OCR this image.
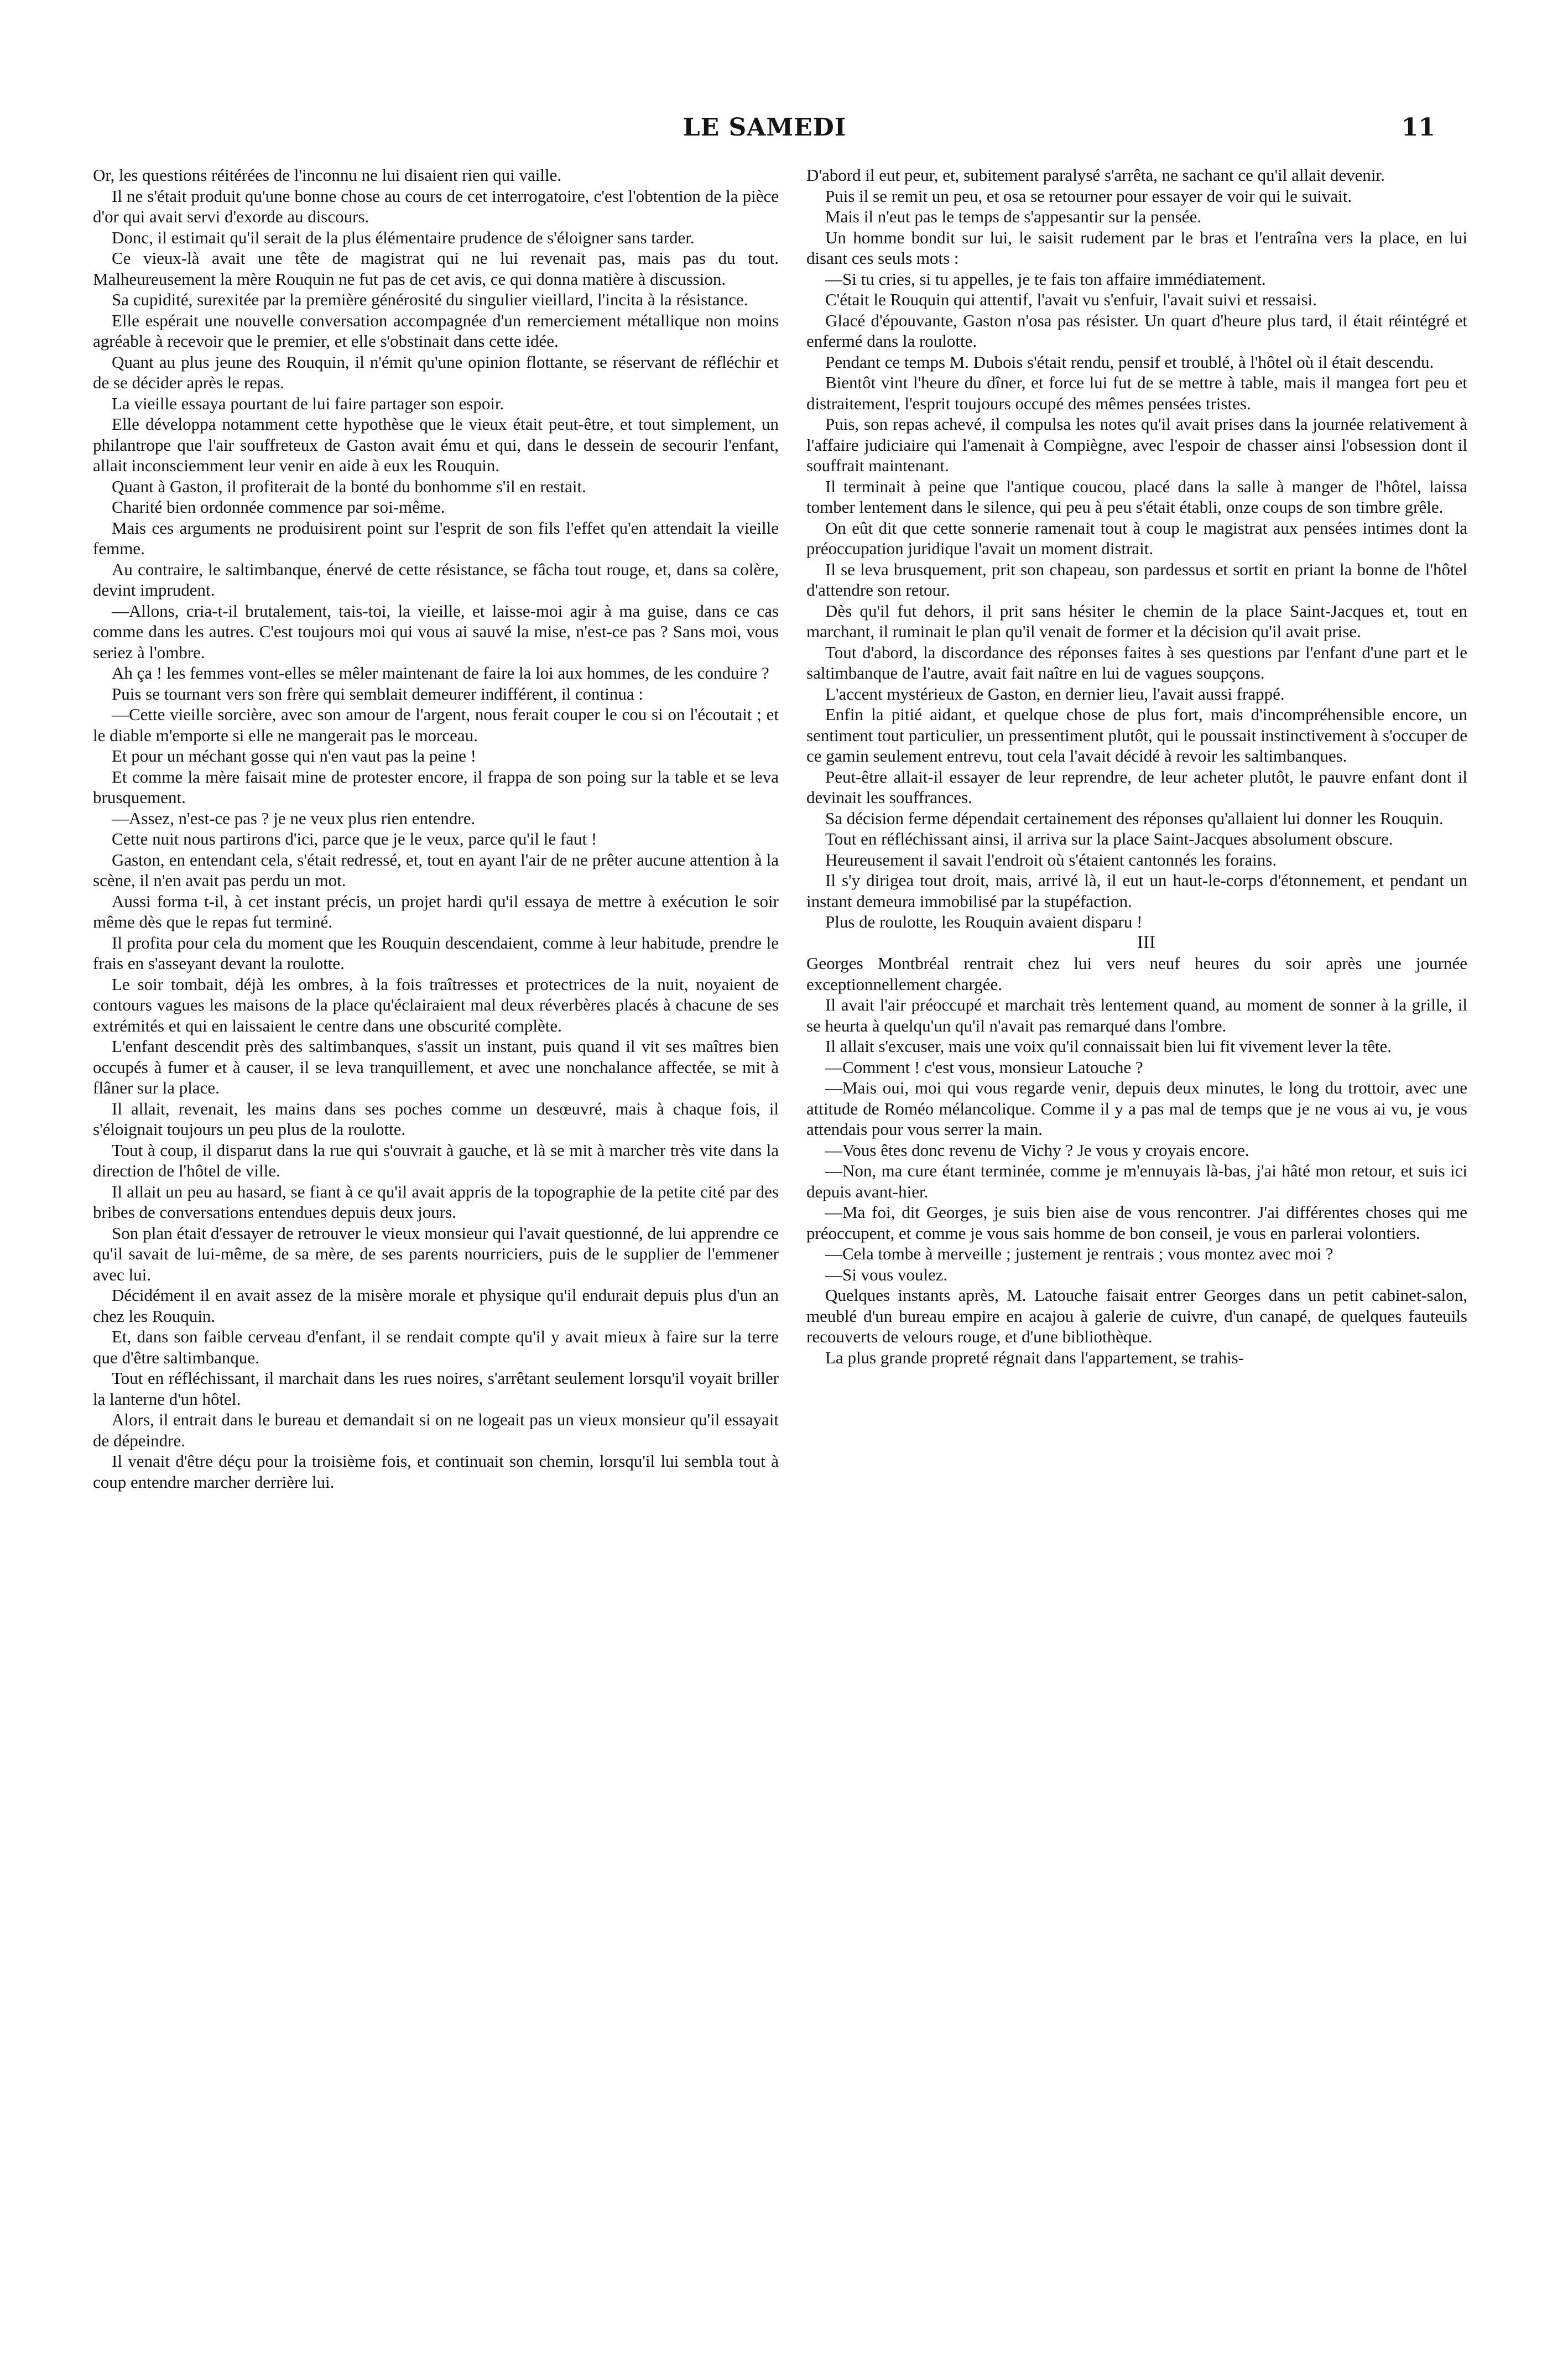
LE SAMEDI	11

Or, les questions réitérées de l'inconnu ne lui disaient rien qui vaille.

Il ne s'était produit qu'une bonne chose au cours de cet interrogatoire, c'est l'obtention de la pièce d'or qui avait servi d'exorde au discours.

Donc, il estimait qu'il serait de la plus élémentaire prudence de s'éloigner sans tarder.

Ce vieux-là avait une tête de magistrat qui ne lui revenait pas, mais pas du tout. Malheureusement la mère Rouquin ne fut pas de cet avis, ce qui donna matière à discussion.

Sa cupidité, surexitée par la première générosité du singulier vieillard, l'incita à la résistance.

Elle espérait une nouvelle conversation accompagnée d'un remerciement métallique non moins agréable à recevoir que le premier, et elle s'obstinait dans cette idée.

Quant au plus jeune des Rouquin, il n'émit qu'une opinion flottante, se réservant de réfléchir et de se décider après le repas.

La vieille essaya pourtant de lui faire partager son espoir.

Elle développa notamment cette hypothèse que le vieux était peut-être, et tout simplement, un philantrope que l'air souffreteux de Gaston avait ému et qui, dans le dessein de secourir l'enfant, allait inconsciemment leur venir en aide à eux les Rouquin.

Quant à Gaston, il profiterait de la bonté du bonhomme s'il en restait.

Charité bien ordonnée commence par soi-même.

Mais ces arguments ne produisirent point sur l'esprit de son fils l'effet qu'en attendait la vieille femme.

Au contraire, le saltimbanque, énervé de cette résistance, se fâcha tout rouge, et, dans sa colère, devint imprudent.

—Allons, cria-t-il brutalement, tais-toi, la vieille, et laisse-moi agir à ma guise, dans ce cas comme dans les autres. C'est toujours moi qui vous ai sauvé la mise, n'est-ce pas ? Sans moi, vous seriez à l'ombre.

Ah ça ! les femmes vont-elles se mêler maintenant de faire la loi aux hommes, de les conduire ?

Puis se tournant vers son frère qui semblait demeurer indifférent, il continua :

—Cette vieille sorcière, avec son amour de l'argent, nous ferait couper le cou si on l'écoutait ; et le diable m'emporte si elle ne mangerait pas le morceau.

Et pour un méchant gosse qui n'en vaut pas la peine !

Et comme la mère faisait mine de protester encore, il frappa de son poing sur la table et se leva brusquement.

—Assez, n'est-ce pas ? je ne veux plus rien entendre.

Cette nuit nous partirons d'ici, parce que je le veux, parce qu'il le faut !

Gaston, en entendant cela, s'était redressé, et, tout en ayant l'air de ne prêter aucune attention à la scène, il n'en avait pas perdu un mot.

Aussi forma t-il, à cet instant précis, un projet hardi qu'il essaya de mettre à exécution le soir même dès que le repas fut terminé.

Il profita pour cela du moment que les Rouquin descendaient, comme à leur habitude, prendre le frais en s'asseyant devant la roulotte.

Le soir tombait, déjà les ombres, à la fois traîtresses et protectrices de la nuit, noyaient de contours vagues les maisons de la place qu'éclairaient mal deux réverbères placés à chacune de ses extrémités et qui en laissaient le centre dans une obscurité complète.

L'enfant descendit près des saltimbanques, s'assit un instant, puis quand il vit ses maîtres bien occupés à fumer et à causer, il se leva tranquillement, et avec une nonchalance affectée, se mit à flâner sur la place.

Il allait, revenait, les mains dans ses poches comme un desœuvré, mais à chaque fois, il s'éloignait toujours un peu plus de la roulotte.

Tout à coup, il disparut dans la rue qui s'ouvrait à gauche, et là se mit à marcher très vite dans la direction de l'hôtel de ville.

Il allait un peu au hasard, se fiant à ce qu'il avait appris de la topographie de la petite cité par des bribes de conversations entendues depuis deux jours.

Son plan était d'essayer de retrouver le vieux monsieur qui l'avait questionné, de lui apprendre ce qu'il savait de lui-même, de sa mère, de ses parents nourriciers, puis de le supplier de l'emmener avec lui.

Décidément il en avait assez de la misère morale et physique qu'il endurait depuis plus d'un an chez les Rouquin.

Et, dans son faible cerveau d'enfant, il se rendait compte qu'il y avait mieux à faire sur la terre que d'être saltimbanque.

Tout en réfléchissant, il marchait dans les rues noires, s'arrêtant seulement lorsqu'il voyait briller la lanterne d'un hôtel.

Alors, il entrait dans le bureau et demandait si on ne logeait pas un vieux monsieur qu'il essayait de dépeindre.

Il venait d'être déçu pour la troisième fois, et continuait son chemin, lorsqu'il lui sembla tout à coup entendre marcher derrière lui.

D'abord il eut peur, et, subitement paralysé s'arrêta, ne sachant ce qu'il allait devenir.

Puis il se remit un peu, et osa se retourner pour essayer de voir qui le suivait.

Mais il n'eut pas le temps de s'appesantir sur la pensée.

Un homme bondit sur lui, le saisit rudement par le bras et l'entraîna vers la place, en lui disant ces seuls mots :

—Si tu cries, si tu appelles, je te fais ton affaire immédiatement.

C'était le Rouquin qui attentif, l'avait vu s'enfuir, l'avait suivi et ressaisi.

Glacé d'épouvante, Gaston n'osa pas résister. Un quart d'heure plus tard, il était réintégré et enfermé dans la roulotte.

Pendant ce temps M. Dubois s'était rendu, pensif et troublé, à l'hôtel où il était descendu.

Bientôt vint l'heure du dîner, et force lui fut de se mettre à table, mais il mangea fort peu et distraitement, l'esprit toujours occupé des mêmes pensées tristes.

Puis, son repas achevé, il compulsa les notes qu'il avait prises dans la journée relativement à l'affaire judiciaire qui l'amenait à Compiègne, avec l'espoir de chasser ainsi l'obsession dont il souffrait maintenant.

Il terminait à peine que l'antique coucou, placé dans la salle à manger de l'hôtel, laissa tomber lentement dans le silence, qui peu à peu s'était établi, onze coups de son timbre grêle.

On eût dit que cette sonnerie ramenait tout à coup le magistrat aux pensées intimes dont la préoccupation juridique l'avait un moment distrait.

Il se leva brusquement, prit son chapeau, son pardessus et sortit en priant la bonne de l'hôtel d'attendre son retour.

Dès qu'il fut dehors, il prit sans hésiter le chemin de la place Saint-Jacques et, tout en marchant, il ruminait le plan qu'il venait de former et la décision qu'il avait prise.

Tout d'abord, la discordance des réponses faites à ses questions par l'enfant d'une part et le saltimbanque de l'autre, avait fait naître en lui de vagues soupçons.

L'accent mystérieux de Gaston, en dernier lieu, l'avait aussi frappé.

Enfin la pitié aidant, et quelque chose de plus fort, mais d'incompréhensible encore, un sentiment tout particulier, un pressentiment plutôt, qui le poussait instinctivement à s'occuper de ce gamin seulement entrevu, tout cela l'avait décidé à revoir les saltimbanques.

Peut-être allait-il essayer de leur reprendre, de leur acheter plutôt, le pauvre enfant dont il devinait les souffrances.

Sa décision ferme dépendait certainement des réponses qu'allaient lui donner les Rouquin.

Tout en réfléchissant ainsi, il arriva sur la place Saint-Jacques absolument obscure.

Heureusement il savait l'endroit où s'étaient cantonnés les forains.

Il s'y dirigea tout droit, mais, arrivé là, il eut un haut-le-corps d'étonnement, et pendant un instant demeura immobilisé par la stupéfaction.

Plus de roulotte, les Rouquin avaient disparu !

III

Georges Montbréal rentrait chez lui vers neuf heures du soir après une journée exceptionnellement chargée.

Il avait l'air préoccupé et marchait très lentement quand, au moment de sonner à la grille, il se heurta à quelqu'un qu'il n'avait pas remarqué dans l'ombre.

Il allait s'excuser, mais une voix qu'il connaissait bien lui fit vivement lever la tête.

—Comment ! c'est vous, monsieur Latouche ?

—Mais oui, moi qui vous regarde venir, depuis deux minutes, le long du trottoir, avec une attitude de Roméo mélancolique. Comme il y a pas mal de temps que je ne vous ai vu, je vous attendais pour vous serrer la main.

—Vous êtes donc revenu de Vichy ? Je vous y croyais encore.

—Non, ma cure étant terminée, comme je m'ennuyais là-bas, j'ai hâté mon retour, et suis ici depuis avant-hier.

—Ma foi, dit Georges, je suis bien aise de vous rencontrer. J'ai différentes choses qui me préoccupent, et comme je vous sais homme de bon conseil, je vous en parlerai volontiers.

—Cela tombe à merveille ; justement je rentrais ; vous montez avec moi ?

—Si vous voulez.

Quelques instants après, M. Latouche faisait entrer Georges dans un petit cabinet-salon, meublé d'un bureau empire en acajou à galerie de cuivre, d'un canapé, de quelques fauteuils recouverts de velours rouge, et d'une bibliothèque.

La plus grande propreté régnait dans l'appartement, se trahis-
